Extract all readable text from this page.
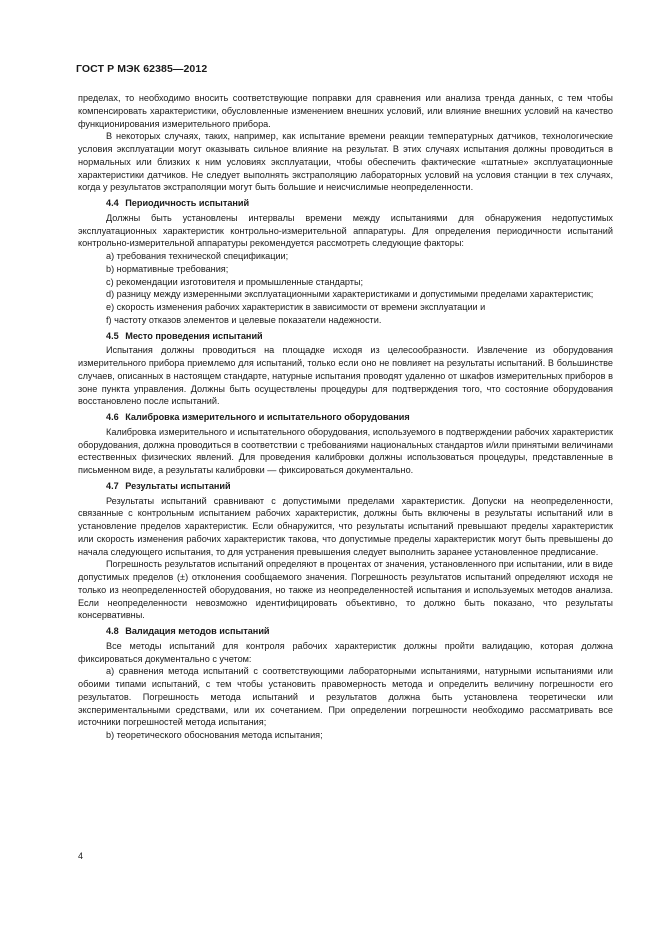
ГОСТ Р МЭК 62385—2012

пределах, то необходимо вносить соответствующие поправки для сравнения или анализа тренда данных, с тем чтобы компенсировать характеристики, обусловленные изменением внешних условий, или влияние внешних условий на качество функционирования измерительного прибора.

В некоторых случаях, таких, например, как испытание времени реакции температурных датчиков, технологические условия эксплуатации могут оказывать сильное влияние на результат. В этих случаях испытания должны проводиться в нормальных или близких к ним условиях эксплуатации, чтобы обеспечить фактические «штатные» эксплуатационные характеристики датчиков. Не следует выполнять экстраполяцию лабораторных условий на условия станции в тех случаях, когда у результатов экстраполяции могут быть большие и неисчислимые неопределенности.

4.4 Периодичность испытаний

Должны быть установлены интервалы времени между испытаниями для обнаружения недопустимых эксплуатационных характеристик контрольно-измерительной аппаратуры. Для определения периодичности испытаний контрольно-измерительной аппаратуры рекомендуется рассмотреть следующие факторы:

a) требования технической спецификации;

b) нормативные требования;

c) рекомендации изготовителя и промышленные стандарты;

d) разницу между измеренными эксплуатационными характеристиками и допустимыми пределами характеристик;

e) скорость изменения рабочих характеристик в зависимости от времени эксплуатации и

f) частоту отказов элементов и целевые показатели надежности.

4.5 Место проведения испытаний

Испытания должны проводиться на площадке исходя из целесообразности. Извлечение из оборудования измерительного прибора приемлемо для испытаний, только если оно не повлияет на результаты испытаний. В большинстве случаев, описанных в настоящем стандарте, натурные испытания проводят удаленно от шкафов измерительных приборов в зоне пункта управления. Должны быть осуществлены процедуры для подтверждения того, что состояние оборудования восстановлено после испытаний.

4.6 Калибровка измерительного и испытательного оборудования

Калибровка измерительного и испытательного оборудования, используемого в подтверждении рабочих характеристик оборудования, должна проводиться в соответствии с требованиями национальных стандартов и/или принятыми величинами естественных физических явлений. Для проведения калибровки должны использоваться процедуры, представленные в письменном виде, а результаты калибровки — фиксироваться документально.

4.7 Результаты испытаний

Результаты испытаний сравнивают с допустимыми пределами характеристик. Допуски на неопределенности, связанные с контрольным испытанием рабочих характеристик, должны быть включены в результаты испытаний или в установление пределов характеристик. Если обнаружится, что результаты испытаний превышают пределы характеристик или скорость изменения рабочих характеристик такова, что допустимые пределы характеристик могут быть превышены до начала следующего испытания, то для устранения превышения следует выполнить заранее установленное предписание.

Погрешность результатов испытаний определяют в процентах от значения, установленного при испытании, или в виде допустимых пределов (±) отклонения сообщаемого значения. Погрешность результатов испытаний определяют исходя не только из неопределенностей оборудования, но также из неопределенностей испытания и используемых методов анализа. Если неопределенности невозможно идентифицировать объективно, то должно быть показано, что результаты консервативны.

4.8 Валидация методов испытаний

Все методы испытаний для контроля рабочих характеристик должны пройти валидацию, которая должна фиксироваться документально с учетом:

a) сравнения метода испытаний с соответствующими лабораторными испытаниями, натурными испытаниями или обоими типами испытаний, с тем чтобы установить правомерность метода и определить величину погрешности его результатов. Погрешность метода испытаний и результатов должна быть установлена теоретически или экспериментальными средствами, или их сочетанием. При определении погрешности необходимо рассматривать все источники погрешностей метода испытания;

b) теоретического обоснования метода испытания;

4
